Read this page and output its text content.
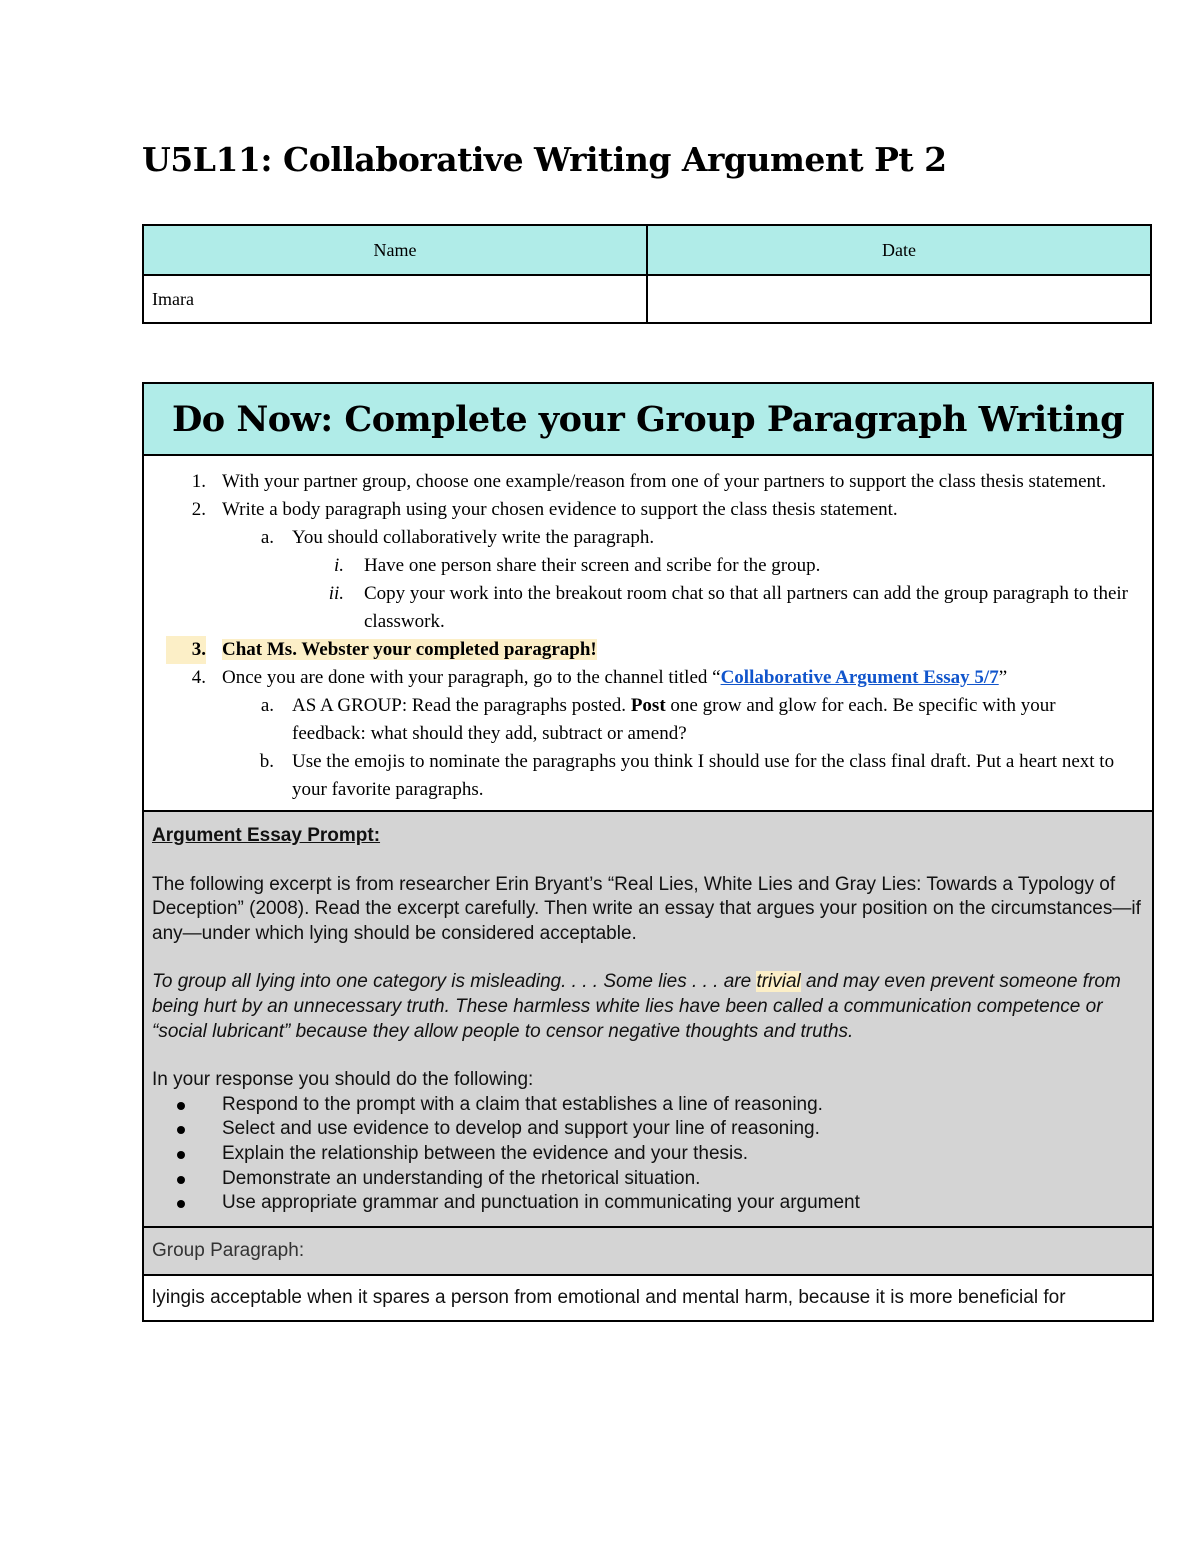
U5L11: Collaborative Writing Argument Pt 2
Name	Date
Imara	
Do Now: Complete your Group Paragraph Writing
1. With your partner group, choose one example/reason from one of your partners to support the class thesis statement.
2. Write a body paragraph using your chosen evidence to support the class thesis statement.
a. You should collaboratively write the paragraph.
i. Have one person share their screen and scribe for the group.
ii. Copy your work into the breakout room chat so that all partners can add the group paragraph to their classwork.
3. Chat Ms. Webster your completed paragraph!
4. Once you are done with your paragraph, go to the channel titled “Collaborative Argument Essay 5/7”
a. AS A GROUP: Read the paragraphs posted. Post one grow and glow for each. Be specific with your feedback: what should they add, subtract or amend?
b. Use the emojis to nominate the paragraphs you think I should use for the class final draft. Put a heart next to your favorite paragraphs.

Argument Essay Prompt:

The following excerpt is from researcher Erin Bryant’s “Real Lies, White Lies and Gray Lies: Towards a Typology of Deception” (2008). Read the excerpt carefully. Then write an essay that argues your position on the circumstances—if any—under which lying should be considered acceptable.

To group all lying into one category is misleading. . . . Some lies . . . are trivial and may even prevent someone from being hurt by an unnecessary truth. These harmless white lies have been called a communication competence or “social lubricant” because they allow people to censor negative thoughts and truths.

In your response you should do the following:

Respond to the prompt with a claim that establishes a line of reasoning.
Select and use evidence to develop and support your line of reasoning.
Explain the relationship between the evidence and your thesis.
Demonstrate an understanding of the rhetorical situation.
Use appropriate grammar and punctuation in communicating your argument
Group Paragraph:
lyingis acceptable when it spares a person from emotional and mental harm, because it is more beneficial for
